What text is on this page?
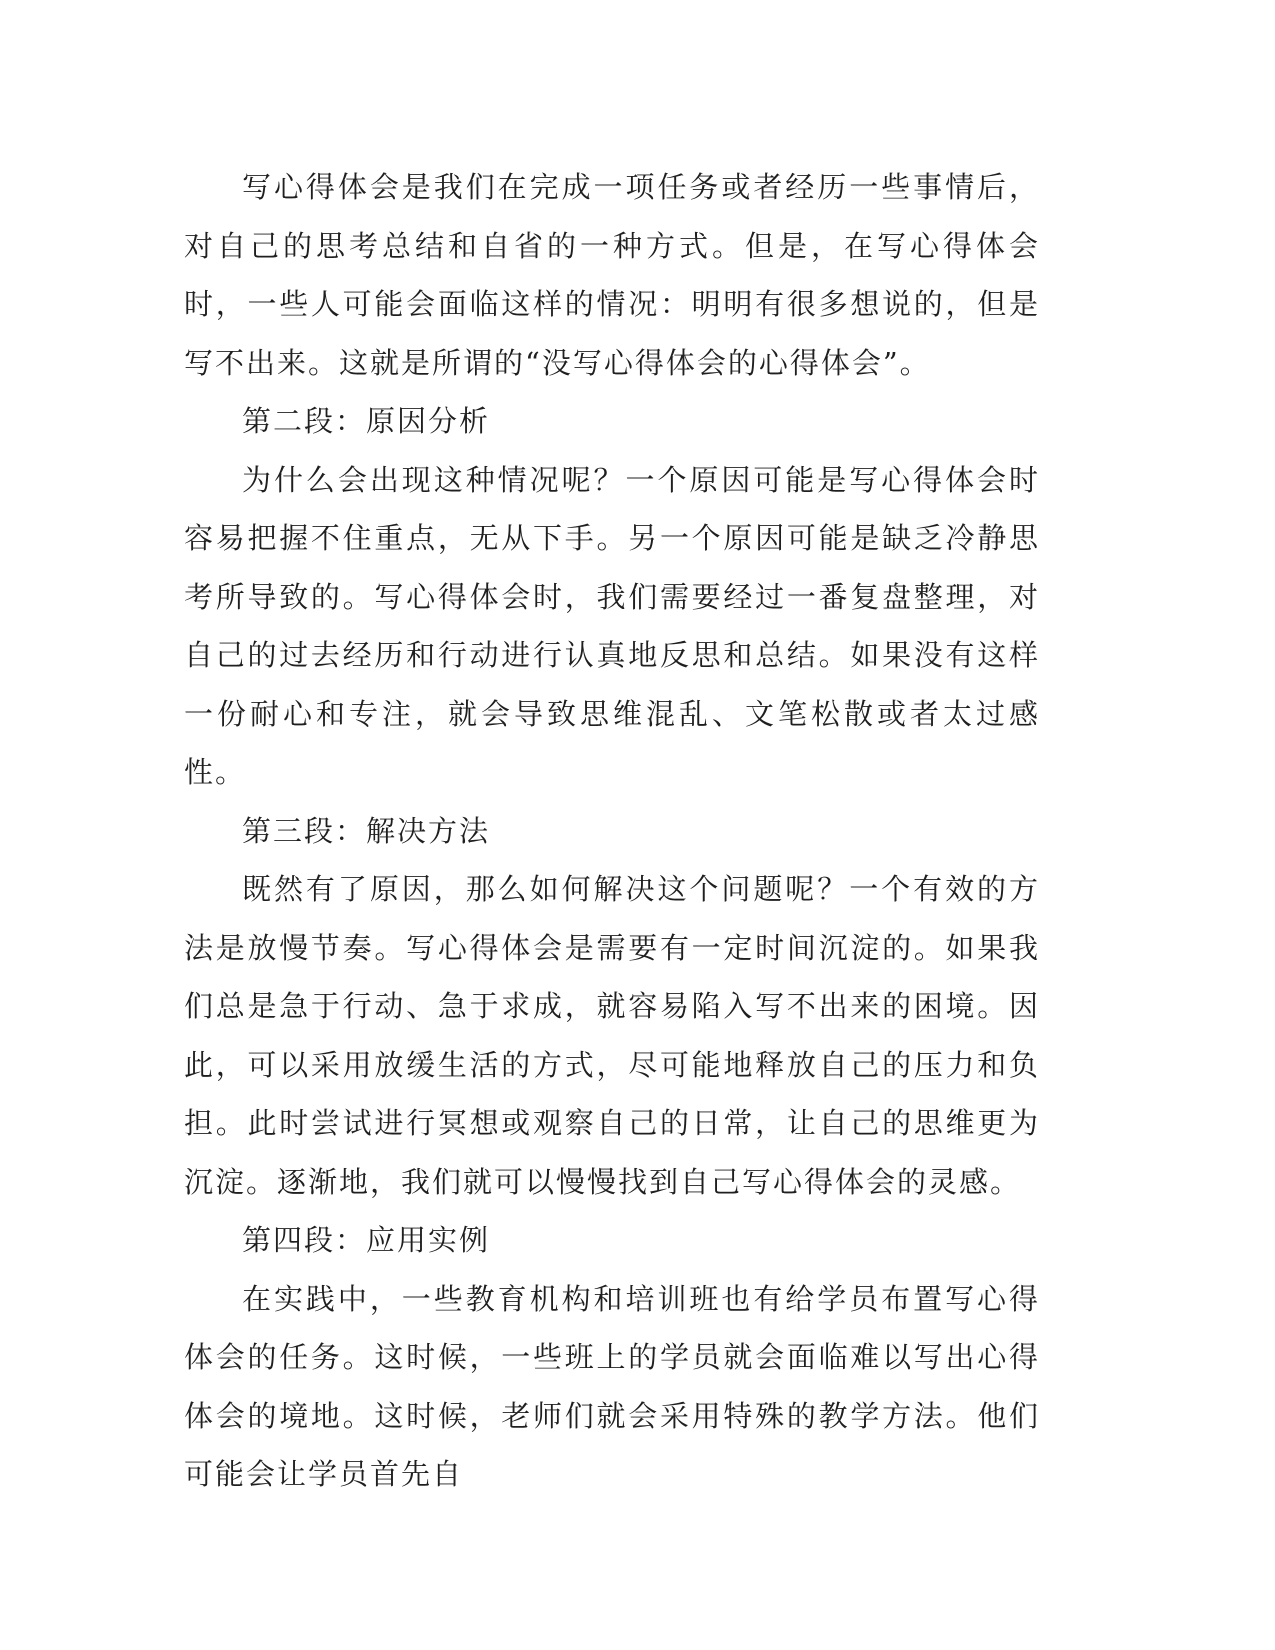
写心得体会是我们在完成一项任务或者经历一些事情后，对自己的思考总结和自省的一种方式。但是，在写心得体会时，一些人可能会面临这样的情况：明明有很多想说的，但是写不出来。这就是所谓的“没写心得体会的心得体会”。

第二段：原因分析

为什么会出现这种情况呢？一个原因可能是写心得体会时容易把握不住重点，无从下手。另一个原因可能是缺乏冷静思考所导致的。写心得体会时，我们需要经过一番复盘整理，对自己的过去经历和行动进行认真地反思和总结。如果没有这样一份耐心和专注，就会导致思维混乱、文笔松散或者太过感性。

第三段：解决方法

既然有了原因，那么如何解决这个问题呢？一个有效的方法是放慢节奏。写心得体会是需要有一定时间沉淀的。如果我们总是急于行动、急于求成，就容易陷入写不出来的困境。因此，可以采用放缓生活的方式，尽可能地释放自己的压力和负担。此时尝试进行冥想或观察自己的日常，让自己的思维更为沉淀。逐渐地，我们就可以慢慢找到自己写心得体会的灵感。

第四段：应用实例

在实践中，一些教育机构和培训班也有给学员布置写心得体会的任务。这时候，一些班上的学员就会面临难以写出心得体会的境地。这时候，老师们就会采用特殊的教学方法。他们可能会让学员首先自
